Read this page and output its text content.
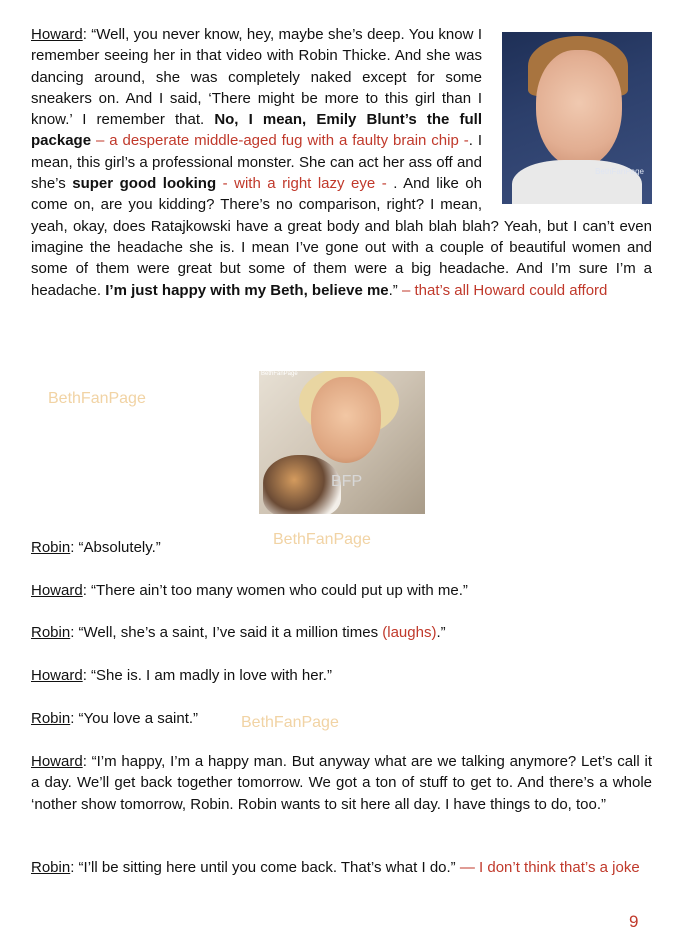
BethFanPage
Howard: “Well, you never know, hey, maybe she’s deep. You know I remember seeing her in that video with Robin Thicke. And she was dancing around, she was completely naked except for some sneakers on. And I said, ‘There might be more to this girl than I know.’ I remember that. No, I mean, Emily Blunt’s the full package – a desperate middle-aged fug with a faulty brain chip -. I mean, this girl’s a professional monster. She can act her ass off and she’s super good looking - with a right lazy eye - . And like oh come on, are you kidding? There’s no comparison, right? I mean, yeah, okay, does Ratajkowski have a great body and blah blah blah? Yeah, but I can’t even imagine the headache she is. I mean I’ve gone out with a couple of beautiful women and some of them were great but some of them were a big headache. And I’m sure I’m a headache. I’m just happy with my Beth, believe me.” – that’s all Howard could afford
BethFanPage
BFP
BethFanPage
BethFanPage
Robin: “Absolutely.”
Howard: “There ain’t too many women who could put up with me.”
Robin: “Well, she’s a saint, I’ve said it a million times (laughs).”
Howard: “She is. I am madly in love with her.”
Robin: “You love a saint.”	BethFanPage
Howard: “I’m happy, I’m a happy man. But anyway what are we talking anymore? Let’s call it a day. We’ll get back together tomorrow. We got a ton of stuff to get to. And there’s a whole ‘nother show tomorrow, Robin. Robin wants to sit here all day. I have things to do, too.”
Robin: “I’ll be sitting here until you come back. That’s what I do.” — I don’t think that’s a joke
9
